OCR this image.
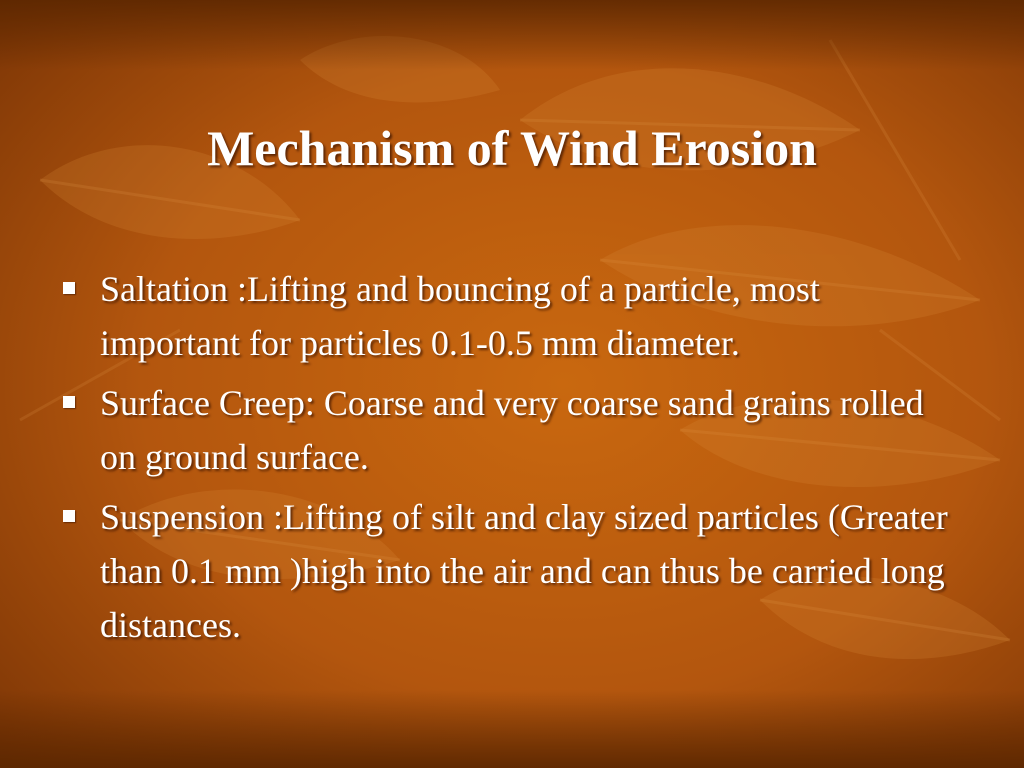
Mechanism of Wind Erosion
Saltation :Lifting and bouncing of a particle, most important for particles 0.1-0.5 mm diameter.
Surface Creep: Coarse and very coarse sand grains rolled on ground surface.
Suspension :Lifting of silt and clay sized particles (Greater than 0.1 mm )high into the air and can thus be carried long distances.
